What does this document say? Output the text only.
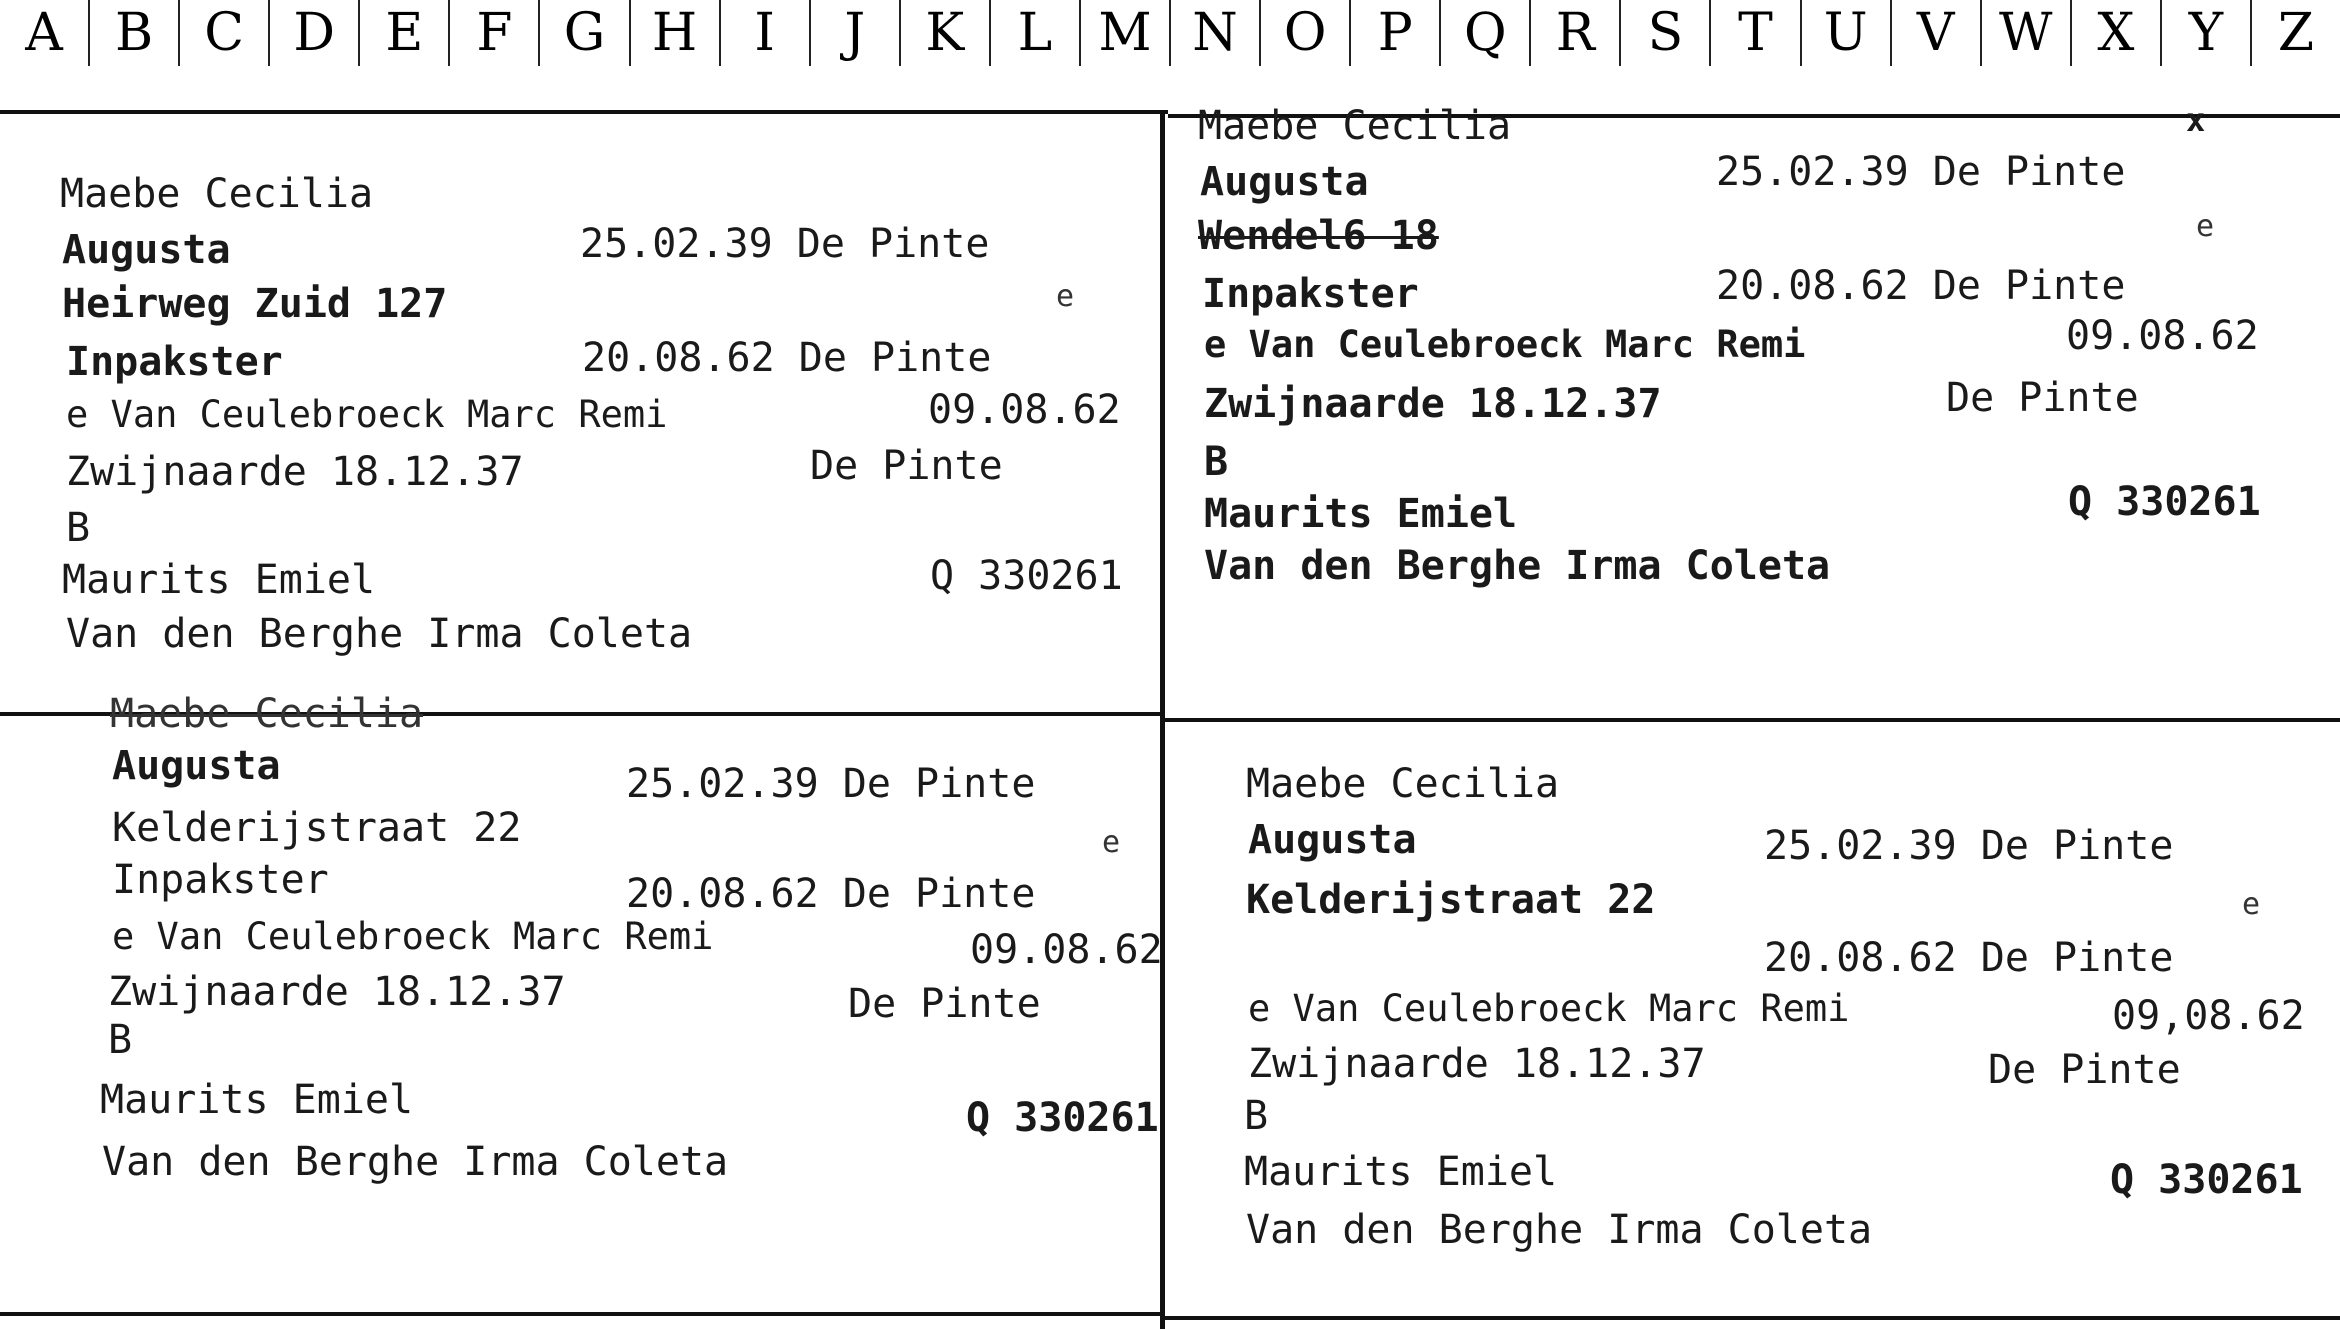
A	B C D E	F G H	I	J	K	L M N O P Q R	S	T U V W X	Y	Z
Maebe Cecilia
Augusta	25.02.39 De Pinte
Heirweg Zuid 127	e
Inpakster	20.08.62 De Pinte
e Van Ceulebroeck Marc Remi	09.08.62
Zwijnaarde 18.12.37	De Pinte
B
Maurits Emiel	Q 330261
Van den Berghe Irma Coleta
Maebe Cecilia	x
Augusta	25.02.39 De Pinte
Wendel6 18	e
Inpakster	20.08.62 De Pinte
e Van Ceulebroeck Marc Remi	09.08.62
Zwijnaarde 18.12.37	De Pinte
B
Maurits Emiel	Q 330261
Van den Berghe Irma Coleta
Maebe Cecilia
Augusta	25.02.39 De Pinte
Kelderijstraat 22	e
Inpakster	20.08.62 De Pinte
e Van Ceulebroeck Marc Remi	09.08.62
Zwijnaarde 18.12.37	De Pinte
B
Maurits Emiel	Q 330261
Van den Berghe Irma Coleta
Maebe Cecilia
Augusta	25.02.39 De Pinte
Kelderijstraat 22	e
20.08.62 De Pinte
e Van Ceulebroeck Marc Remi	09,08.62
Zwijnaarde 18.12.37	De Pinte
B
Maurits Emiel	Q 330261
Van den Berghe Irma Coleta
